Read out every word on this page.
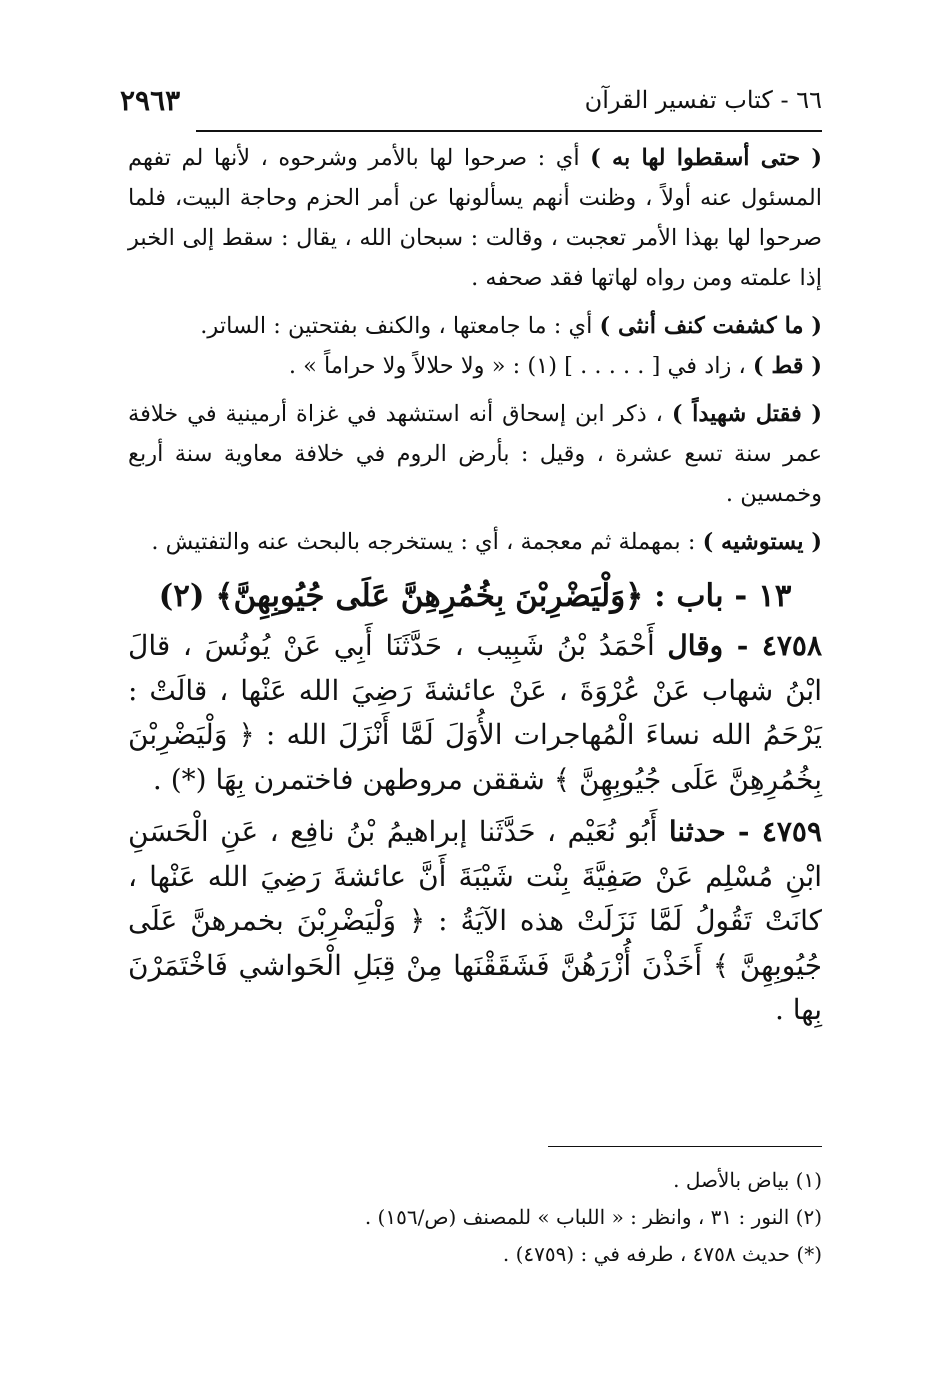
٦٦ - كتاب تفسير القرآن
٢٩٦٣

( حتى أسقطوا لها به ) أي : صرحوا لها بالأمر وشرحوه ، لأنها لم تفهم المسئول عنه أولاً ، وظنت أنهم يسألونها عن أمر الحزم وحاجة البيت، فلما صرحوا لها بهذا الأمر تعجبت ، وقالت : سبحان الله ، يقال : سقط إلى الخبر إذا علمته ومن رواه لهاتها فقد صحفه .

( ما كشفت كنف أنثى ) أي : ما جامعتها ، والكنف بفتحتين : الساتر.

( قط ) ، زاد في [ . . . . . ] (١) : « ولا حلالاً ولا حراماً » .

( فقتل شهيداً ) ، ذكر ابن إسحاق أنه استشهد في غزاة أرمينية في خلافة عمر سنة تسع عشرة ، وقيل : بأرض الروم في خلافة معاوية سنة أربع وخمسين .

( يستوشيه ) : بمهملة ثم معجمة ، أي : يستخرجه بالبحث عنه والتفتيش .

١٣ - باب : ﴿وَلْيَضْرِبْنَ بِخُمُرِهِنَّ عَلَى جُيُوبِهِنَّ﴾ (٢)

٤٧٥٨ - وقال أَحْمَدُ بْنُ شَبِيب ، حَدَّثَنَا أَبِي عَنْ يُونُسَ ، قالَ ابْنُ شهاب عَنْ عُرْوَةَ ، عَنْ عائشةَ رَضِيَ الله عَنْها ، قالَتْ : يَرْحَمُ الله نساءَ الْمُهاجرات الأُوَلَ لَمَّا أَنْزَلَ الله : ﴿ وَلْيَضْرِبْنَ بِخُمُرِهِنَّ عَلَى جُيُوبِهِنَّ ﴾ شققن مروطهن فاختمرن بِهَا (*) .

٤٧٥٩ - حدثنا أَبُو نُعَيْم ، حَدَّثَنا إبراهيمُ بْنُ نافِع ، عَنِ الْحَسَنِ ابْنِ مُسْلِم عَنْ صَفِيَّةَ بِنْت شَيْبَةَ أَنَّ عائشةَ رَضِيَ الله عَنْها ، كانَتْ تَقُولُ لَمَّا نَزَلَتْ هذه الآيَةُ : ﴿ وَلْيَضْرِبْنَ بخمرهنَّ عَلَى جُيُوبِهِنَّ ﴾ أَخَذْنَ أُزْرَهُنَّ فَشَقَقْنَها مِنْ قِبَلِ الْحَواشي فَاخْتَمَرْنَ بِها .

(١) بياض بالأصل .

(٢) النور : ٣١ ، وانظر : « اللباب » للمصنف (ص/١٥٦) .

(*) حديث ٤٧٥٨ ، طرفه في : (٤٧٥٩) .
